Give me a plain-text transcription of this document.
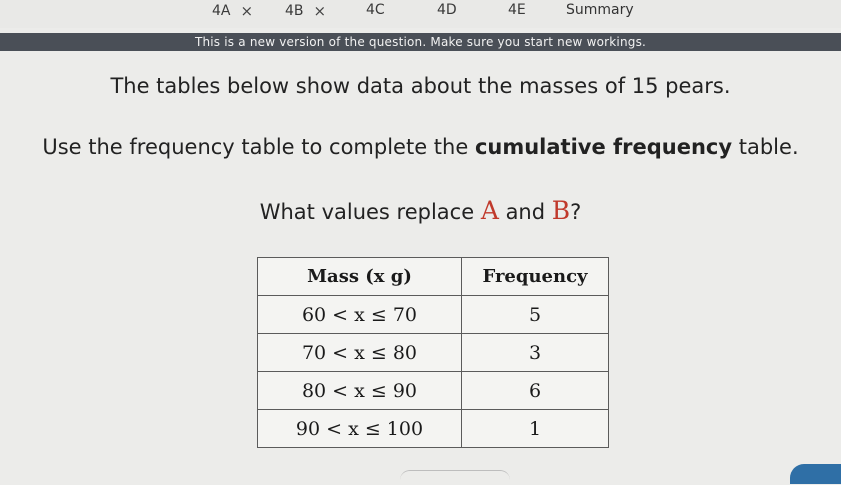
4A × 4B ×	4C	4D	4E	Summary
This is a new version of the question. Make sure you start new workings.
The tables below show data about the masses of 15 pears.
Use the frequency table to complete the cumulative frequency table.
What values replace A and B?
Mass (x g)	Frequency
60 < x ≤ 70	5
70 < x ≤ 80	3
80 < x ≤ 90	6
90 < x ≤ 100	1
